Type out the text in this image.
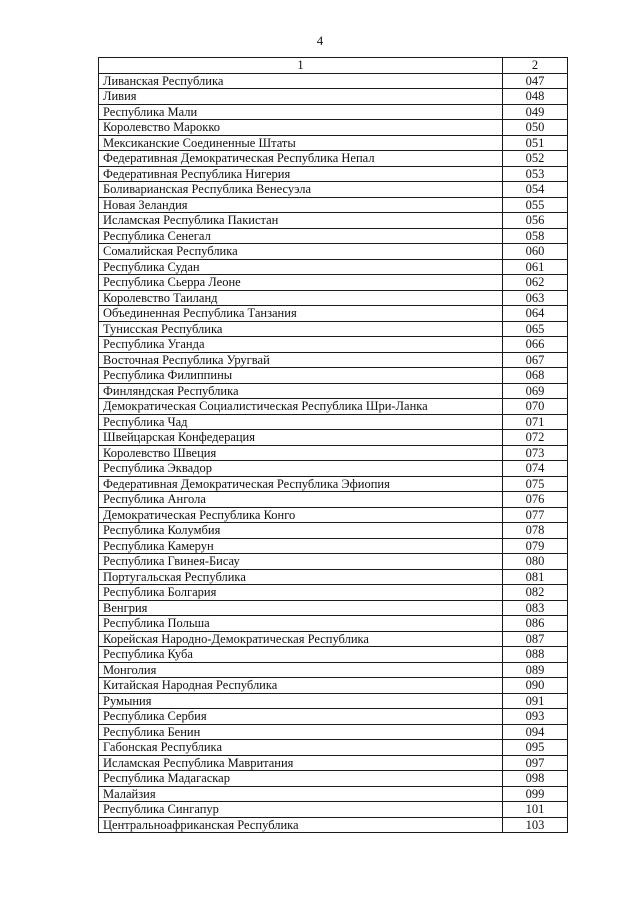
4
1	2
Ливанская Республика	047
Ливия	048
Республика Мали	049
Королевство Марокко	050
Мексиканские Соединенные Штаты	051
Федеративная Демократическая Республика Непал	052
Федеративная Республика Нигерия	053
Боливарианская Республика Венесуэла	054
Новая Зеландия	055
Исламская Республика Пакистан	056
Республика Сенегал	058
Сомалийская Республика	060
Республика Судан	061
Республика Сьерра Леоне	062
Королевство Таиланд	063
Объединенная Республика Танзания	064
Тунисская Республика	065
Республика Уганда	066
Восточная Республика Уругвай	067
Республика Филиппины	068
Финляндская Республика	069
Демократическая Социалистическая Республика Шри-Ланка	070
Республика Чад	071
Швейцарская Конфедерация	072
Королевство Швеция	073
Республика Эквадор	074
Федеративная Демократическая Республика Эфиопия	075
Республика Ангола	076
Демократическая Республика Конго	077
Республика Колумбия	078
Республика Камерун	079
Республика Гвинея-Бисау	080
Португальская Республика	081
Республика Болгария	082
Венгрия	083
Республика Польша	086
Корейская Народно-Демократическая Республика	087
Республика Куба	088
Монголия	089
Китайская Народная Республика	090
Румыния	091
Республика Сербия	093
Республика Бенин	094
Габонская Республика	095
Исламская Республика Мавритания	097
Республика Мадагаскар	098
Малайзия	099
Республика Сингапур	101
Центральноафриканская Республика	103
